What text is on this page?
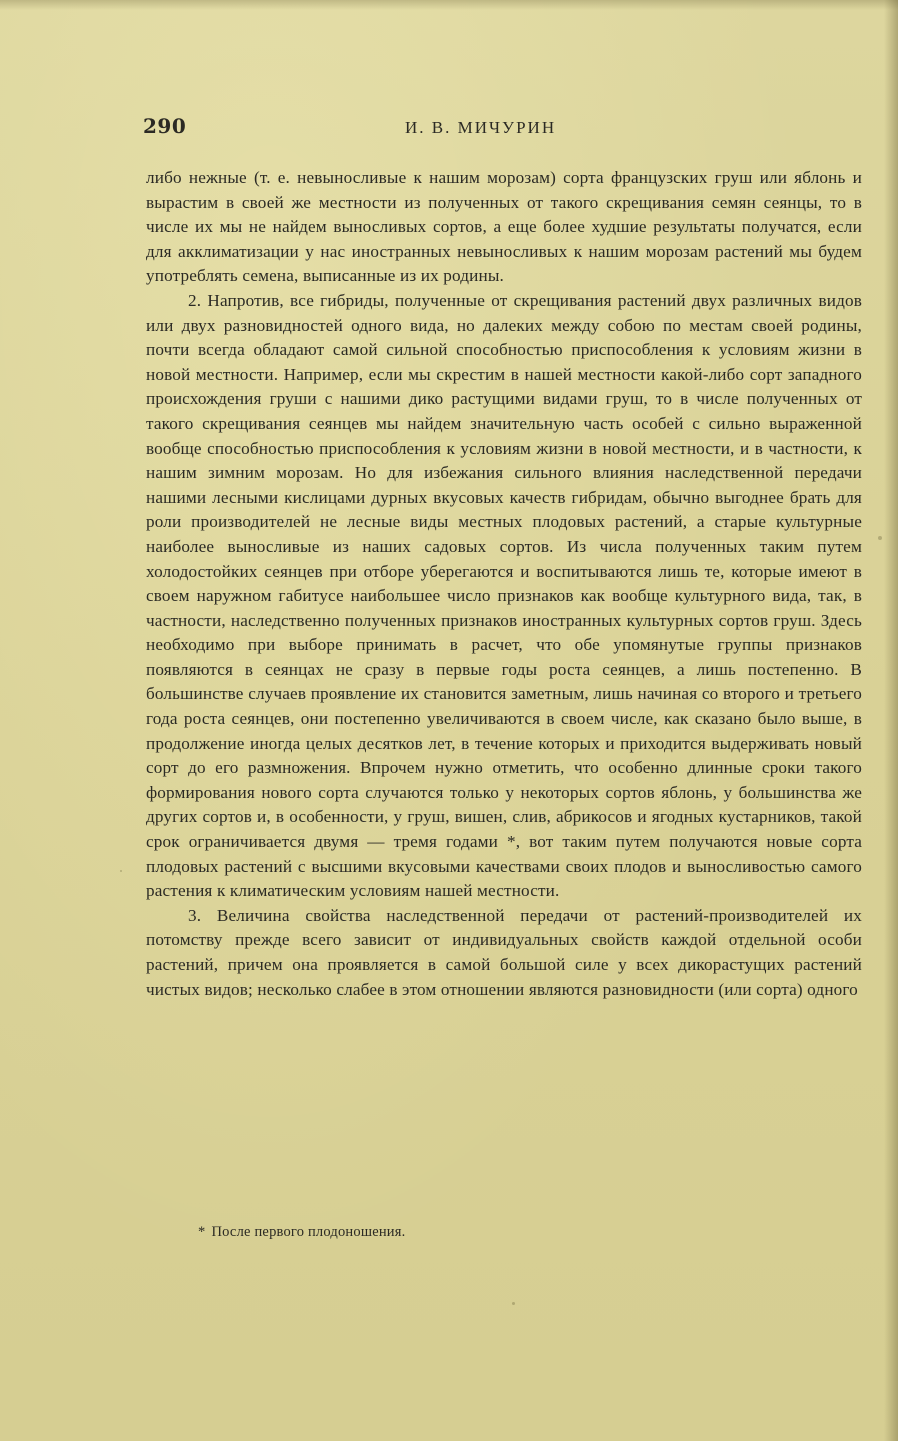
290	И. В. МИЧУРИН

либо нежные (т. е. невыносливые к нашим морозам) сорта французских груш или яблонь и вырастим в своей же местности из полученных от такого скрещивания семян сеянцы, то в числе их мы не найдем выносливых сортов, а еще более худшие результаты получатся, если для акклиматизации у нас иностранных невыносливых к нашим морозам растений мы будем употреблять семена, выписанные из их родины.

2. Напротив, все гибриды, полученные от скрещивания растений двух различных видов или двух разновидностей одного вида, но далеких между собою по местам своей родины, почти всегда обладают самой сильной способностью приспособления к условиям жизни в новой местности. Например, если мы скрестим в нашей местности какой-либо сорт западного происхождения груши с нашими дико растущими видами груш, то в числе полученных от такого скрещивания сеянцев мы найдем значительную часть особей с сильно выраженной вообще способностью приспособления к условиям жизни в новой местности, и в частности, к нашим зимним морозам. Но для избежания сильного влияния наследственной передачи нашими лесными кислицами дурных вкусовых качеств гибридам, обычно выгоднее брать для роли производителей не лесные виды местных плодовых растений, а старые культурные наиболее выносливые из наших садовых сортов. Из числа полученных таким путем холодостойких сеянцев при отборе уберегаются и воспитываются лишь те, которые имеют в своем наружном габитусе наибольшее число признаков как вообще культурного вида, так, в частности, наследственно полученных признаков иностранных культурных сортов груш. Здесь необходимо при выборе принимать в расчет, что обе упомянутые группы признаков появляются в сеянцах не сразу в первые годы роста сеянцев, а лишь постепенно. В большинстве случаев проявление их становится заметным, лишь начиная со второго и третьего года роста сеянцев, они постепенно увеличиваются в своем числе, как сказано было выше, в продолжение иногда целых десятков лет, в течение которых и приходится выдерживать новый сорт до его размножения. Впрочем нужно отметить, что особенно длинные сроки такого формирования нового сорта случаются только у некоторых сортов яблонь, у большинства же других сортов и, в особенности, у груш, вишен, слив, абрикосов и ягодных кустарников, такой срок ограничивается двумя — тремя годами *, вот таким путем получаются новые сорта плодовых растений с высшими вкусовыми качествами своих плодов и выносливостью самого растения к климатическим условиям нашей местности.

3. Величина свойства наследственной передачи от растений-производителей их потомству прежде всего зависит от индивидуальных свойств каждой отдельной особи растений, причем она проявляется в самой большой силе у всех дикорастущих растений чистых видов; несколько слабее в этом отношении являются разновидности (или сорта) одного

* После первого плодоношения.
